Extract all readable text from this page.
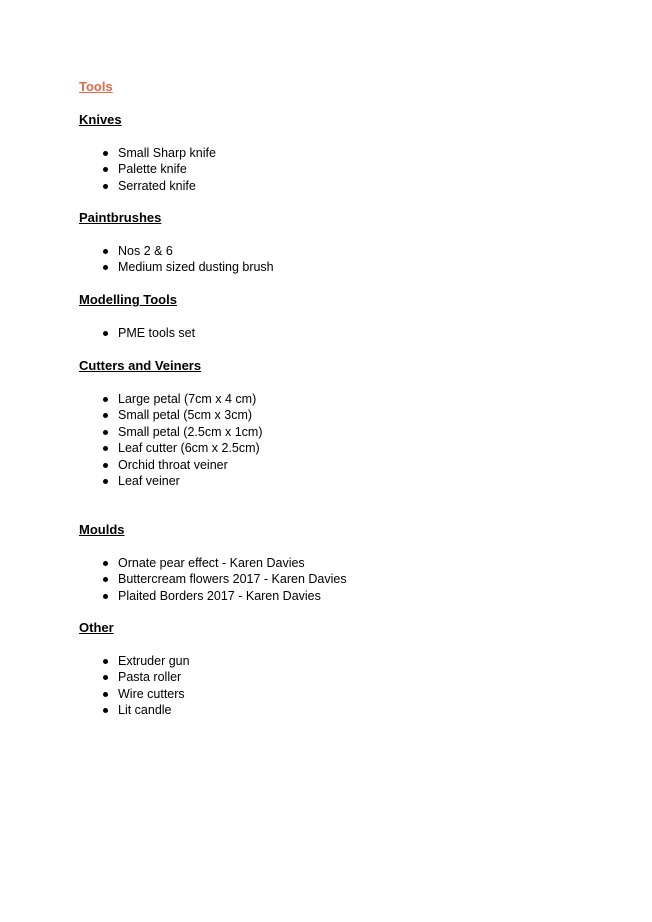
Tools
Knives
Small Sharp knife
Palette knife
Serrated knife
Paintbrushes
Nos 2 & 6
Medium sized dusting brush
Modelling Tools
PME tools set
Cutters and Veiners
Large petal (7cm x 4 cm)
Small petal (5cm x 3cm)
Small petal (2.5cm x 1cm)
Leaf cutter (6cm x 2.5cm)
Orchid throat veiner
Leaf veiner
Moulds
Ornate pear effect - Karen Davies
Buttercream flowers 2017 - Karen Davies
Plaited Borders 2017 - Karen Davies
Other
Extruder gun
Pasta roller
Wire cutters
Lit candle
